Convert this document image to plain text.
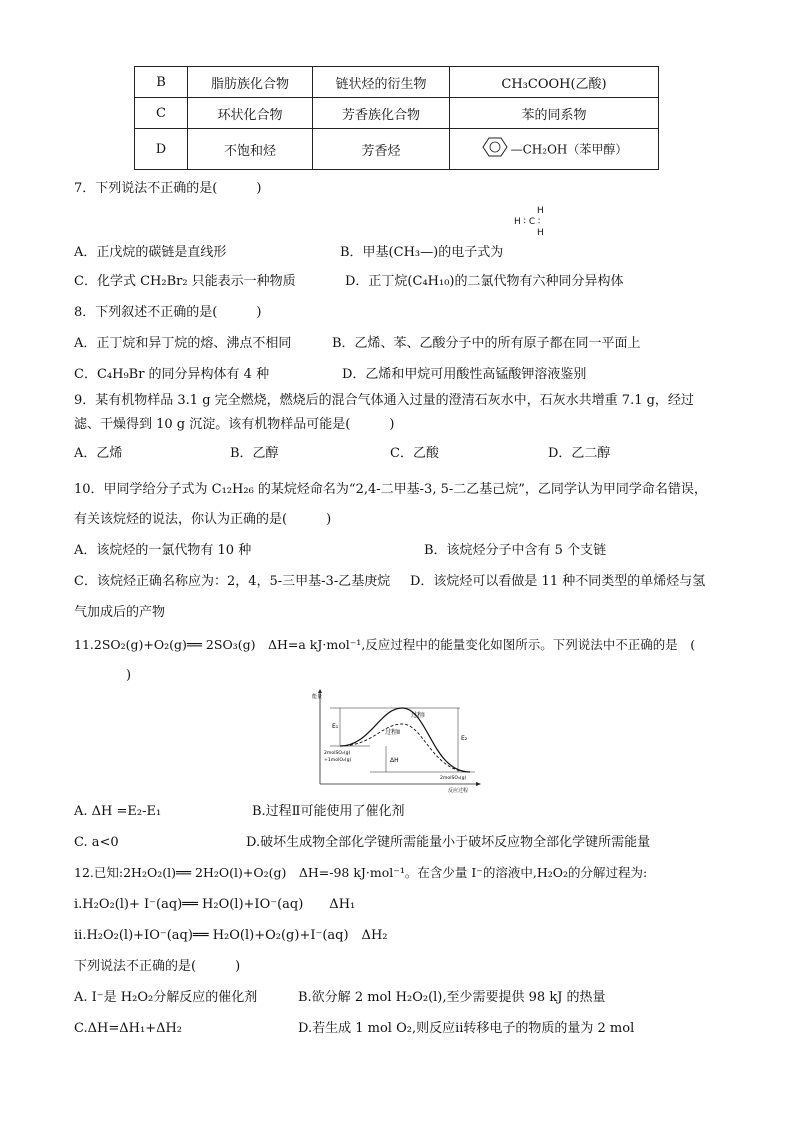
B	脂肪族化合物	链状烃的衍生物	CH₃COOH(乙酸)
C	环状化合物	芳香族化合物	苯的同系物
D	不饱和烃	芳香烃	—CH₂OH（苯甲醇）
7．下列说法不正确的是(　　　)
H
H ∶ C ∶
H
A．正戊烷的碳链是直线形	B．甲基(CH₃—)的电子式为
C．化学式 CH₂Br₂ 只能表示一种物质	D．正丁烷(C₄H₁₀)的二氯代物有六种同分异构体
8．下列叙述不正确的是(　　　)
A．正丁烷和异丁烷的熔、沸点不相同	B．乙烯、苯、乙酸分子中的所有原子都在同一平面上
C．C₄H₉Br 的同分异构体有 4 种	D．乙烯和甲烷可用酸性高锰酸钾溶液鉴别
9．某有机物样品 3.1 g 完全燃烧，燃烧后的混合气体通入过量的澄清石灰水中，石灰水共增重 7.1 g，经过
滤、干燥得到 10 g 沉淀。该有机物样品可能是(　　　)
A．乙烯	B．乙醇	C．乙酸	D．乙二醇
10．甲同学给分子式为 C₁₂H₂₆ 的某烷烃命名为“2,4-二甲基-3, 5-二乙基己烷”，乙同学认为甲同学命名错误，
有关该烷烃的说法，你认为正确的是(　　　)
A．该烷烃的一氯代物有 10 种	B．该烷烃分子中含有 5 个支链
C．该烷烃正确名称应为：2，4，5-三甲基-3-乙基庚烷 D．该烷烃可以看做是 11 种不同类型的单烯烃与氢
气加成后的产物
11.2SO₂(g)+O₂(g)══ 2SO₃(g)　ΔH=a kJ·mol⁻¹,反应过程中的能量变化如图所示。下列说法中不正确的是　(
)
能量
反应过程
E₁
E₂
过程Ⅰ
过程Ⅱ
2molSO₂(g)
+1molO₂(g)	ΔH
2molSO₃(g)
A. ΔH =E₂-E₁	B.过程Ⅱ可能使用了催化剂
C. a<0	D.破坏生成物全部化学键所需能量小于破坏反应物全部化学键所需能量
12.已知:2H₂O₂(l)══ 2H₂O(l)+O₂(g)　ΔH=-98 kJ·mol⁻¹。在含少量 I⁻的溶液中,H₂O₂的分解过程为:
ⅰ.H₂O₂(l)+ I⁻(aq)══ H₂O(l)+IO⁻(aq)　　ΔH₁
ⅱ.H₂O₂(l)+IO⁻(aq)══ H₂O(l)+O₂(g)+I⁻(aq)　ΔH₂
下列说法不正确的是(　　　)
A. I⁻是 H₂O₂分解反应的催化剂	B.欲分解 2 mol H₂O₂(l),至少需要提供 98 kJ 的热量
C.ΔH=ΔH₁+ΔH₂	D.若生成 1 mol O₂,则反应ⅱ转移电子的物质的量为 2 mol
